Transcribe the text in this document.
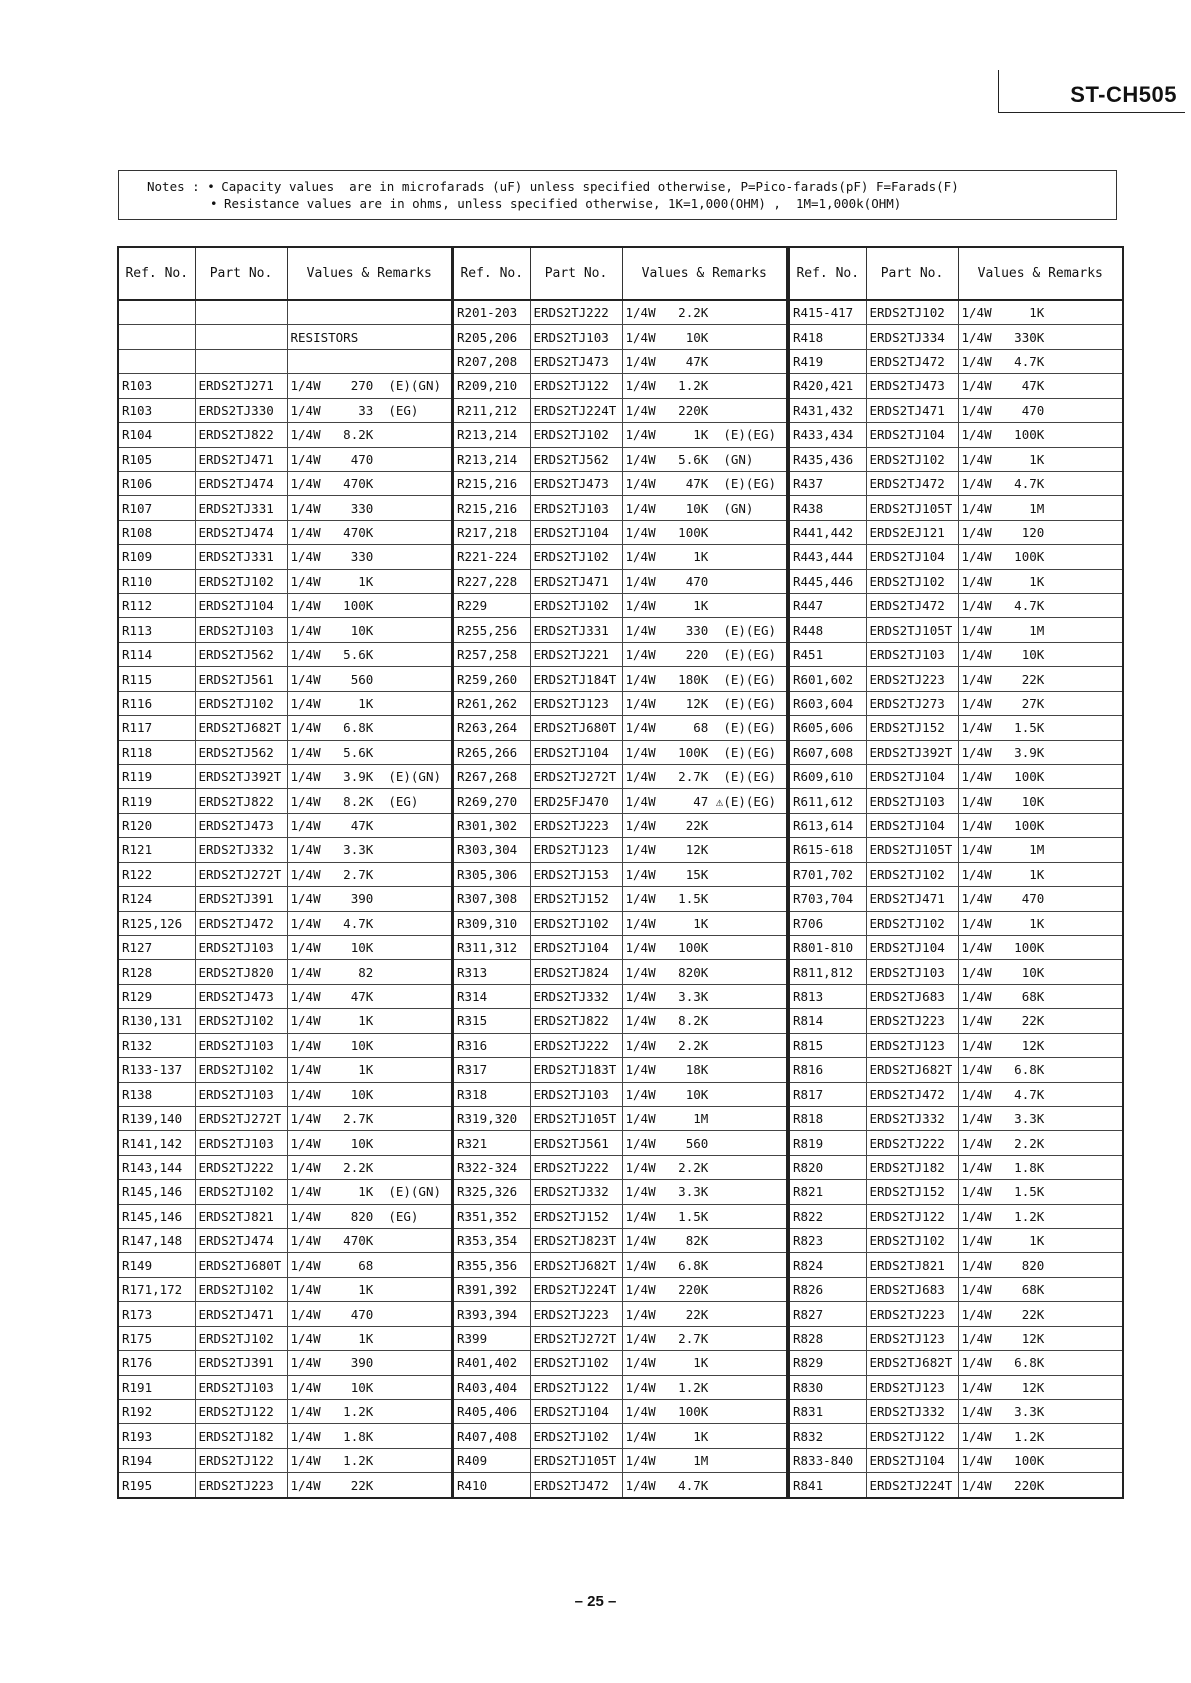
ST-CH505
Notes : • Capacity values  are in microfarads (uF) unless specified otherwise, P=Pico-farads(pF) F=Farads(F)
• Resistance values are in ohms, unless specified otherwise, 1K=1,000(OHM) ,  1M=1,000k(OHM)
Ref. No.	Part No.	Values & Remarks

		RESISTORS

R103	ERDS2TJ271	1/4W    270  (E)(GN)
R103	ERDS2TJ330	1/4W     33  (EG)
R104	ERDS2TJ822	1/4W   8.2K
R105	ERDS2TJ471	1/4W    470
R106	ERDS2TJ474	1/4W   470K
R107	ERDS2TJ331	1/4W    330
R108	ERDS2TJ474	1/4W   470K
R109	ERDS2TJ331	1/4W    330
R110	ERDS2TJ102	1/4W     1K
R112	ERDS2TJ104	1/4W   100K
R113	ERDS2TJ103	1/4W    10K
R114	ERDS2TJ562	1/4W   5.6K
R115	ERDS2TJ561	1/4W    560
R116	ERDS2TJ102	1/4W     1K
R117	ERDS2TJ682T	1/4W   6.8K
R118	ERDS2TJ562	1/4W   5.6K
R119	ERDS2TJ392T	1/4W   3.9K  (E)(GN)
R119	ERDS2TJ822	1/4W   8.2K  (EG)
R120	ERDS2TJ473	1/4W    47K
R121	ERDS2TJ332	1/4W   3.3K
R122	ERDS2TJ272T	1/4W   2.7K
R124	ERDS2TJ391	1/4W    390
R125,126	ERDS2TJ472	1/4W   4.7K
R127	ERDS2TJ103	1/4W    10K
R128	ERDS2TJ820	1/4W     82
R129	ERDS2TJ473	1/4W    47K
R130,131	ERDS2TJ102	1/4W     1K
R132	ERDS2TJ103	1/4W    10K
R133-137	ERDS2TJ102	1/4W     1K
R138	ERDS2TJ103	1/4W    10K
R139,140	ERDS2TJ272T	1/4W   2.7K
R141,142	ERDS2TJ103	1/4W    10K
R143,144	ERDS2TJ222	1/4W   2.2K
R145,146	ERDS2TJ102	1/4W     1K  (E)(GN)
R145,146	ERDS2TJ821	1/4W    820  (EG)
R147,148	ERDS2TJ474	1/4W   470K
R149	ERDS2TJ680T	1/4W     68
R171,172	ERDS2TJ102	1/4W     1K
R173	ERDS2TJ471	1/4W    470
R175	ERDS2TJ102	1/4W     1K
R176	ERDS2TJ391	1/4W    390
R191	ERDS2TJ103	1/4W    10K
R192	ERDS2TJ122	1/4W   1.2K
R193	ERDS2TJ182	1/4W   1.8K
R194	ERDS2TJ122	1/4W   1.2K
R195	ERDS2TJ223	1/4W    22K
Ref. No.	Part No.	Values & Remarks
R201-203	ERDS2TJ222	1/4W   2.2K
R205,206	ERDS2TJ103	1/4W    10K
R207,208	ERDS2TJ473	1/4W    47K
R209,210	ERDS2TJ122	1/4W   1.2K
R211,212	ERDS2TJ224T	1/4W   220K
R213,214	ERDS2TJ102	1/4W     1K  (E)(EG)
R213,214	ERDS2TJ562	1/4W   5.6K  (GN)
R215,216	ERDS2TJ473	1/4W    47K  (E)(EG)
R215,216	ERDS2TJ103	1/4W    10K  (GN)
R217,218	ERDS2TJ104	1/4W   100K
R221-224	ERDS2TJ102	1/4W     1K
R227,228	ERDS2TJ471	1/4W    470
R229	ERDS2TJ102	1/4W     1K
R255,256	ERDS2TJ331	1/4W    330  (E)(EG)
R257,258	ERDS2TJ221	1/4W    220  (E)(EG)
R259,260	ERDS2TJ184T	1/4W   180K  (E)(EG)
R261,262	ERDS2TJ123	1/4W    12K  (E)(EG)
R263,264	ERDS2TJ680T	1/4W     68  (E)(EG)
R265,266	ERDS2TJ104	1/4W   100K  (E)(EG)
R267,268	ERDS2TJ272T	1/4W   2.7K  (E)(EG)
R269,270	ERD25FJ470	1/4W     47 ⚠(E)(EG)
R301,302	ERDS2TJ223	1/4W    22K
R303,304	ERDS2TJ123	1/4W    12K
R305,306	ERDS2TJ153	1/4W    15K
R307,308	ERDS2TJ152	1/4W   1.5K
R309,310	ERDS2TJ102	1/4W     1K
R311,312	ERDS2TJ104	1/4W   100K
R313	ERDS2TJ824	1/4W   820K
R314	ERDS2TJ332	1/4W   3.3K
R315	ERDS2TJ822	1/4W   8.2K
R316	ERDS2TJ222	1/4W   2.2K
R317	ERDS2TJ183T	1/4W    18K
R318	ERDS2TJ103	1/4W    10K
R319,320	ERDS2TJ105T	1/4W     1M
R321	ERDS2TJ561	1/4W    560
R322-324	ERDS2TJ222	1/4W   2.2K
R325,326	ERDS2TJ332	1/4W   3.3K
R351,352	ERDS2TJ152	1/4W   1.5K
R353,354	ERDS2TJ823T	1/4W    82K
R355,356	ERDS2TJ682T	1/4W   6.8K
R391,392	ERDS2TJ224T	1/4W   220K
R393,394	ERDS2TJ223	1/4W    22K
R399	ERDS2TJ272T	1/4W   2.7K
R401,402	ERDS2TJ102	1/4W     1K
R403,404	ERDS2TJ122	1/4W   1.2K
R405,406	ERDS2TJ104	1/4W   100K
R407,408	ERDS2TJ102	1/4W     1K
R409	ERDS2TJ105T	1/4W     1M
R410	ERDS2TJ472	1/4W   4.7K
Ref. No.	Part No.	Values & Remarks
R415-417	ERDS2TJ102	1/4W     1K
R418	ERDS2TJ334	1/4W   330K
R419	ERDS2TJ472	1/4W   4.7K
R420,421	ERDS2TJ473	1/4W    47K
R431,432	ERDS2TJ471	1/4W    470
R433,434	ERDS2TJ104	1/4W   100K
R435,436	ERDS2TJ102	1/4W     1K
R437	ERDS2TJ472	1/4W   4.7K
R438	ERDS2TJ105T	1/4W     1M
R441,442	ERDS2EJ121	1/4W    120
R443,444	ERDS2TJ104	1/4W   100K
R445,446	ERDS2TJ102	1/4W     1K
R447	ERDS2TJ472	1/4W   4.7K
R448	ERDS2TJ105T	1/4W     1M
R451	ERDS2TJ103	1/4W    10K
R601,602	ERDS2TJ223	1/4W    22K
R603,604	ERDS2TJ273	1/4W    27K
R605,606	ERDS2TJ152	1/4W   1.5K
R607,608	ERDS2TJ392T	1/4W   3.9K
R609,610	ERDS2TJ104	1/4W   100K
R611,612	ERDS2TJ103	1/4W    10K
R613,614	ERDS2TJ104	1/4W   100K
R615-618	ERDS2TJ105T	1/4W     1M
R701,702	ERDS2TJ102	1/4W     1K
R703,704	ERDS2TJ471	1/4W    470
R706	ERDS2TJ102	1/4W     1K
R801-810	ERDS2TJ104	1/4W   100K
R811,812	ERDS2TJ103	1/4W    10K
R813	ERDS2TJ683	1/4W    68K
R814	ERDS2TJ223	1/4W    22K
R815	ERDS2TJ123	1/4W    12K
R816	ERDS2TJ682T	1/4W   6.8K
R817	ERDS2TJ472	1/4W   4.7K
R818	ERDS2TJ332	1/4W   3.3K
R819	ERDS2TJ222	1/4W   2.2K
R820	ERDS2TJ182	1/4W   1.8K
R821	ERDS2TJ152	1/4W   1.5K
R822	ERDS2TJ122	1/4W   1.2K
R823	ERDS2TJ102	1/4W     1K
R824	ERDS2TJ821	1/4W    820
R826	ERDS2TJ683	1/4W    68K
R827	ERDS2TJ223	1/4W    22K
R828	ERDS2TJ123	1/4W    12K
R829	ERDS2TJ682T	1/4W   6.8K
R830	ERDS2TJ123	1/4W    12K
R831	ERDS2TJ332	1/4W   3.3K
R832	ERDS2TJ122	1/4W   1.2K
R833-840	ERDS2TJ104	1/4W   100K
R841	ERDS2TJ224T	1/4W   220K
– 25 –
